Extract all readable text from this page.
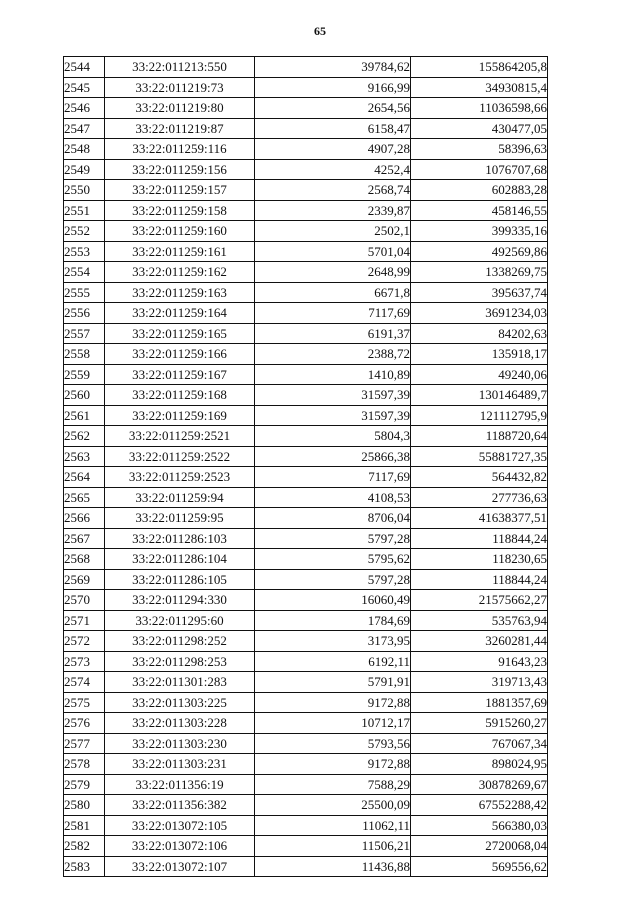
65
2544	33:22:011213:550	39784,62	155864205,8
2545	33:22:011219:73	9166,99	34930815,4
2546	33:22:011219:80	2654,56	11036598,66
2547	33:22:011219:87	6158,47	430477,05
2548	33:22:011259:116	4907,28	58396,63
2549	33:22:011259:156	4252,4	1076707,68
2550	33:22:011259:157	2568,74	602883,28
2551	33:22:011259:158	2339,87	458146,55
2552	33:22:011259:160	2502,1	399335,16
2553	33:22:011259:161	5701,04	492569,86
2554	33:22:011259:162	2648,99	1338269,75
2555	33:22:011259:163	6671,8	395637,74
2556	33:22:011259:164	7117,69	3691234,03
2557	33:22:011259:165	6191,37	84202,63
2558	33:22:011259:166	2388,72	135918,17
2559	33:22:011259:167	1410,89	49240,06
2560	33:22:011259:168	31597,39	130146489,7
2561	33:22:011259:169	31597,39	121112795,9
2562	33:22:011259:2521	5804,3	1188720,64
2563	33:22:011259:2522	25866,38	55881727,35
2564	33:22:011259:2523	7117,69	564432,82
2565	33:22:011259:94	4108,53	277736,63
2566	33:22:011259:95	8706,04	41638377,51
2567	33:22:011286:103	5797,28	118844,24
2568	33:22:011286:104	5795,62	118230,65
2569	33:22:011286:105	5797,28	118844,24
2570	33:22:011294:330	16060,49	21575662,27
2571	33:22:011295:60	1784,69	535763,94
2572	33:22:011298:252	3173,95	3260281,44
2573	33:22:011298:253	6192,11	91643,23
2574	33:22:011301:283	5791,91	319713,43
2575	33:22:011303:225	9172,88	1881357,69
2576	33:22:011303:228	10712,17	5915260,27
2577	33:22:011303:230	5793,56	767067,34
2578	33:22:011303:231	9172,88	898024,95
2579	33:22:011356:19	7588,29	30878269,67
2580	33:22:011356:382	25500,09	67552288,42
2581	33:22:013072:105	11062,11	566380,03
2582	33:22:013072:106	11506,21	2720068,04
2583	33:22:013072:107	11436,88	569556,62
